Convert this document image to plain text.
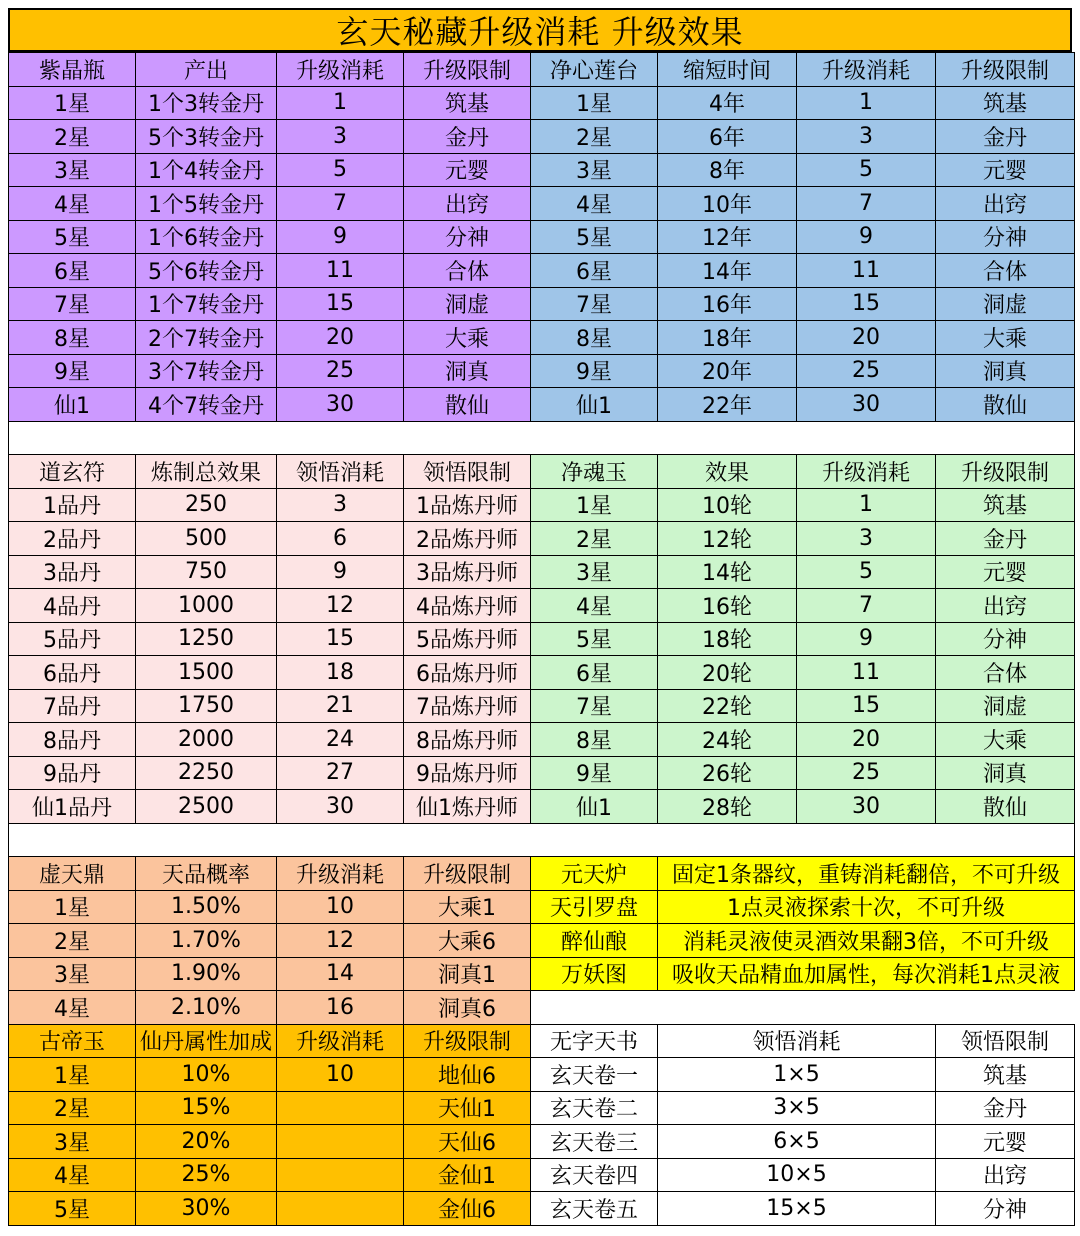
玄天秘藏升级消耗 升级效果
紫晶瓶	产出	升级消耗	升级限制	净心莲台	缩短时间	升级消耗	升级限制
1星	1个3转金丹	1	筑基	1星	4年	1	筑基
2星	5个3转金丹	3	金丹	2星	6年	3	金丹
3星	1个4转金丹	5	元婴	3星	8年	5	元婴
4星	1个5转金丹	7	出窍	4星	10年	7	出窍
5星	1个6转金丹	9	分神	5星	12年	9	分神
6星	5个6转金丹	11	合体	6星	14年	11	合体
7星	1个7转金丹	15	洞虚	7星	16年	15	洞虚
8星	2个7转金丹	20	大乘	8星	18年	20	大乘
9星	3个7转金丹	25	洞真	9星	20年	25	洞真
仙1	4个7转金丹	30	散仙	仙1	22年	30	散仙

道玄符	炼制总效果	领悟消耗	领悟限制	净魂玉	效果	升级消耗	升级限制
1品丹	250	3	1品炼丹师	1星	10轮	1	筑基
2品丹	500	6	2品炼丹师	2星	12轮	3	金丹
3品丹	750	9	3品炼丹师	3星	14轮	5	元婴
4品丹	1000	12	4品炼丹师	4星	16轮	7	出窍
5品丹	1250	15	5品炼丹师	5星	18轮	9	分神
6品丹	1500	18	6品炼丹师	6星	20轮	11	合体
7品丹	1750	21	7品炼丹师	7星	22轮	15	洞虚
8品丹	2000	24	8品炼丹师	8星	24轮	20	大乘
9品丹	2250	27	9品炼丹师	9星	26轮	25	洞真
仙1品丹	2500	30	仙1炼丹师	仙1	28轮	30	散仙

虚天鼎	天品概率	升级消耗	升级限制	元天炉	固定1条器纹，重铸消耗翻倍，不可升级		
1星	1.50%	10	大乘1	天引罗盘	1点灵液探索十次，不可升级		
2星	1.70%	12	大乘6	醉仙酿	消耗灵液使灵酒效果翻3倍，不可升级		
3星	1.90%	14	洞真1	万妖图	吸收天品精血加属性，每次消耗1点灵液		
4星	2.10%	16	洞真6				
古帝玉	仙丹属性加成	升级消耗	升级限制	无字天书	领悟消耗		领悟限制
1星	10%	10	地仙6	玄天卷一	1×5		筑基
2星	15%		天仙1	玄天卷二	3×5		金丹
3星	20%		天仙6	玄天卷三	6×5		元婴
4星	25%		金仙1	玄天卷四	10×5		出窍
5星	30%		金仙6	玄天卷五	15×5		分神
